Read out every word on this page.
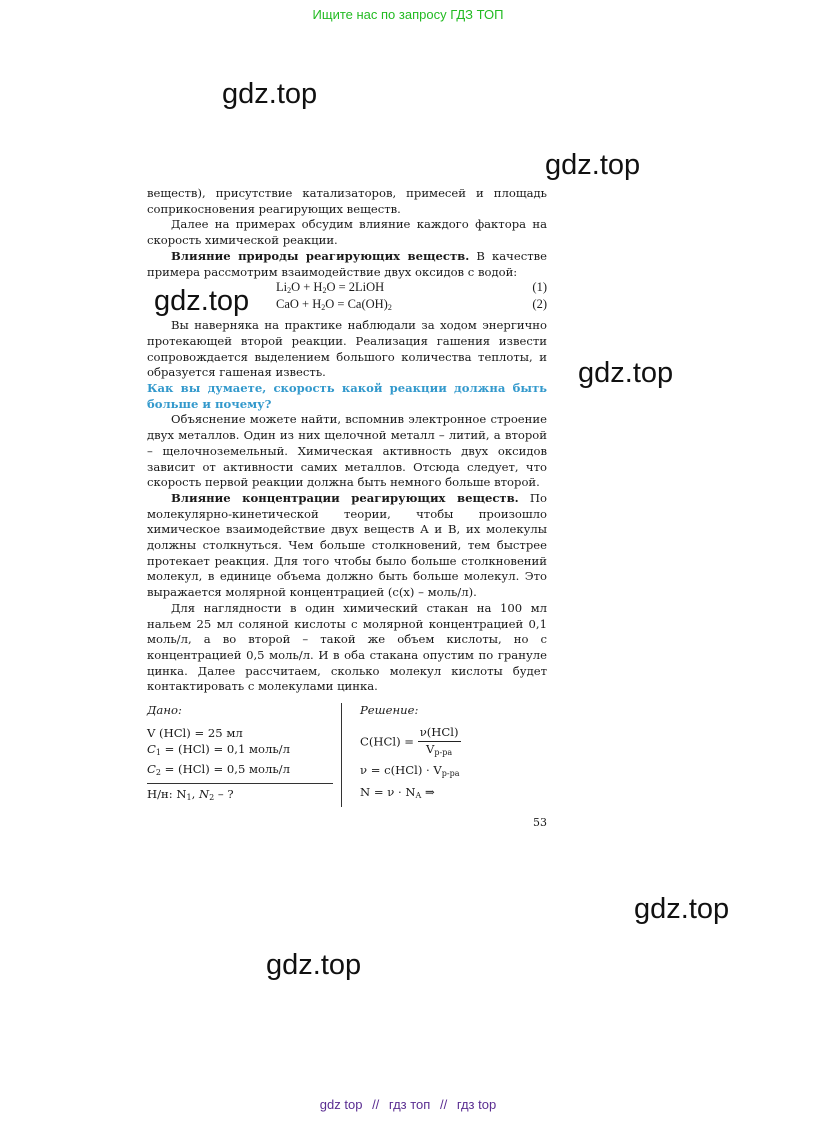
Ищите нас по запросу ГДЗ ТОП
gdz.top
gdz.top
gdz.top
gdz.top
gdz.top
gdz.top

веществ), присутствие катализаторов, примесей и площадь соприкосновения реагирующих веществ.

Далее на примерах обсудим влияние каждого фактора на скорость химической реакции.

Влияние природы реагирующих веществ. В качестве примера рассмотрим взаимодействие двух оксидов с водой:

$Li_2O + H_2O$ = 2LiOH	(1)
CaO + $H_2O = Ca(OH)_2$	(2)

Вы наверняка на практике наблюдали за ходом энергично протекающей второй реакции. Реализация гашения извести сопровождается выделением большого количества теплоты, и образуется гашеная известь.

Как вы думаете, скорость какой реакции должна быть больше и почему?

Объяснение можете найти, вспомнив электронное строение двух металлов. Один из них щелочной металл – литий, а второй – щелочноземельный. Химическая активность двух оксидов зависит от активности самих металлов. Отсюда следует, что скорость первой реакции должна быть немного больше второй.

Влияние концентрации реагирующих веществ. По молекулярно-кинетической теории, чтобы произошло химическое взаимодействие двух веществ A и B, их молекулы должны столкнуться. Чем больше столкновений, тем быстрее протекает реакция. Для того чтобы было больше столкновений молекул, в единице объема должно быть больше молекул. Это выражается молярной концентрацией (c(x) – моль/л).

Для наглядности в один химический стакан на 100 мл нальем 25 мл соляной кислоты с молярной концентрацией 0,1 моль/л, а во второй – такой же объем кислоты, но с концентрацией 0,5 моль/л. И в оба стакана опустим по грануле цинка. Далее рассчитаем, сколько молекул кислоты будет контактировать с молекулами цинка.

Дано:
V (HCl) = 25 мл
$C_1 = (HCl) = 0,1$ моль/л
$C_2 = (HCl) = 0,5$ моль/л
Н/н: $N_1$, $N_2$ – ?
Решение:
$C(HCl) = \frac{\text{ν(HCl)}}{V_{р-ра}}$
$\nu = c(HCl) \cdot V_{р-ра}$
$N = \nu \cdot N_A$ ⇒
53
gdz top // гдз топ // гдз top
